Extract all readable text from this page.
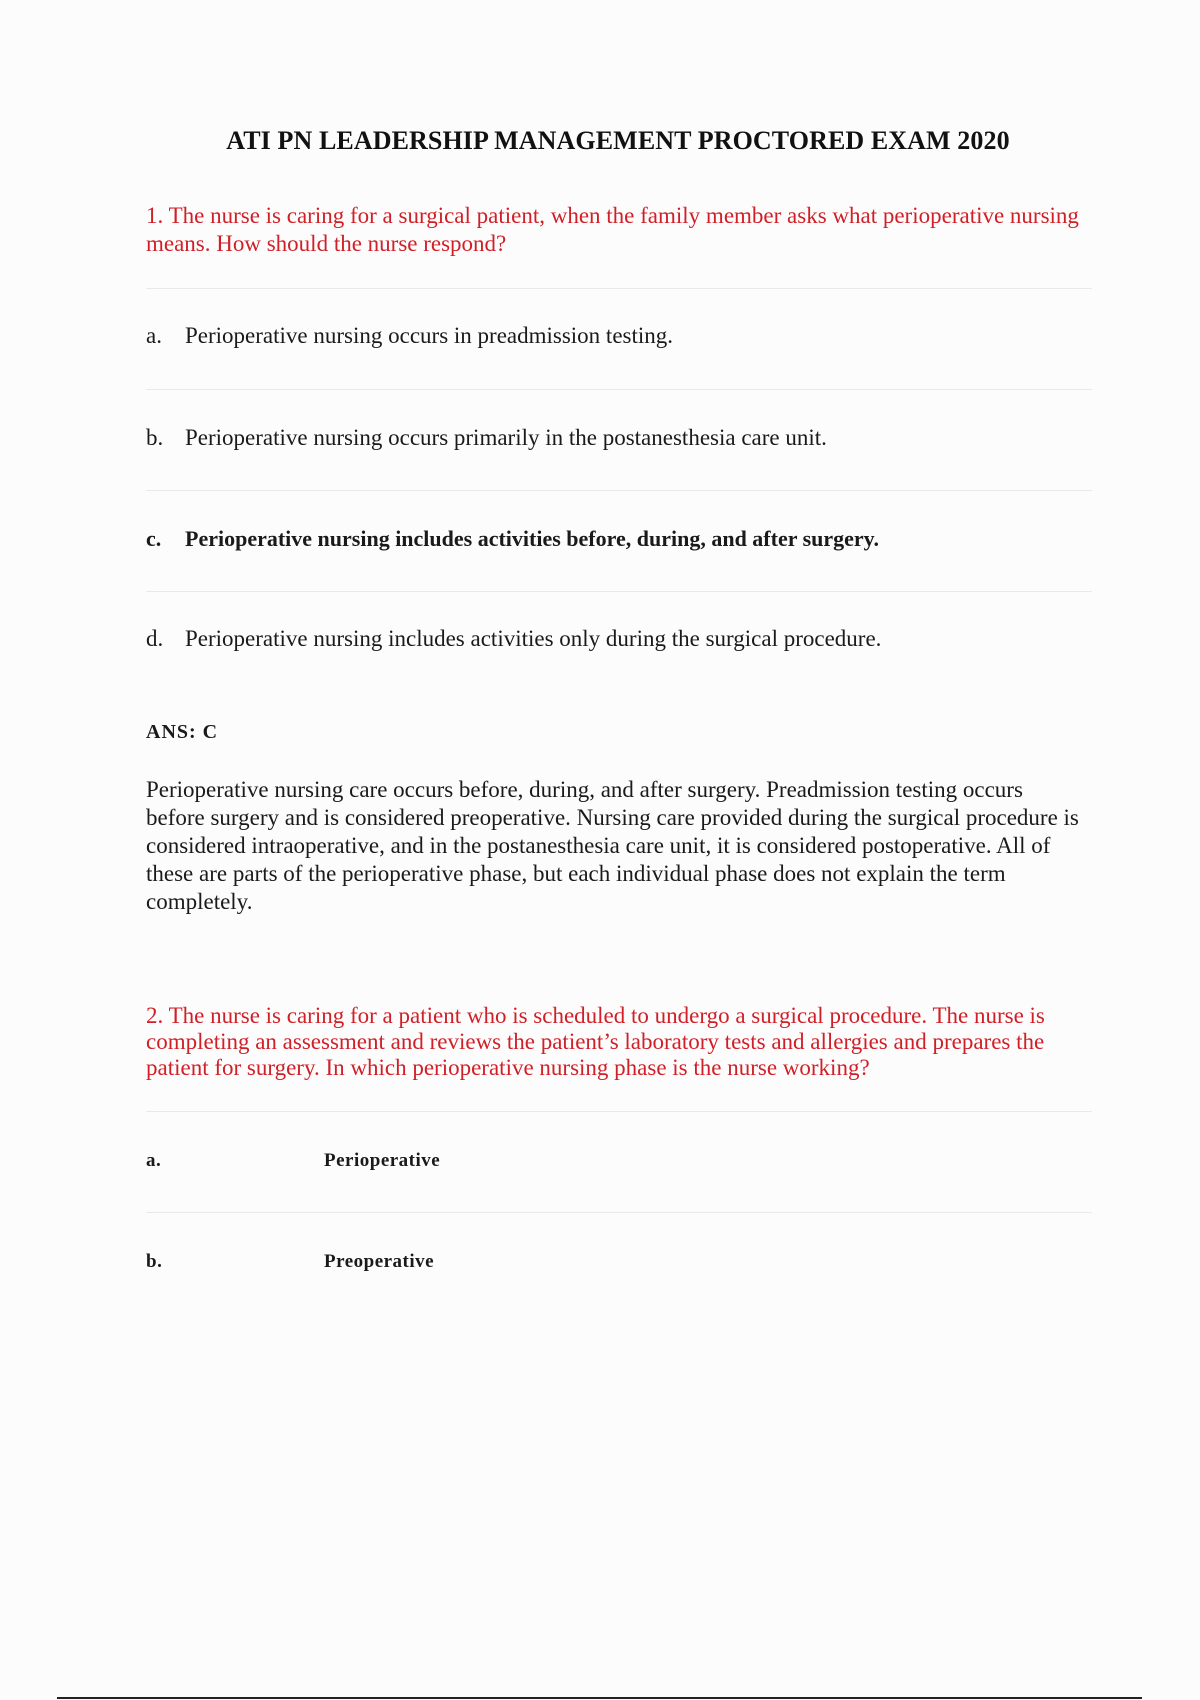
ATI PN LEADERSHIP MANAGEMENT PROCTORED EXAM 2020
1. The nurse is caring for a surgical patient, when the family member asks what perioperative nursing means. How should the nurse respond?
a. Perioperative nursing occurs in preadmission testing.
b. Perioperative nursing occurs primarily in the postanesthesia care unit.
c. Perioperative nursing includes activities before, during, and after surgery.
d. Perioperative nursing includes activities only during the surgical procedure.
ANS: C
Perioperative nursing care occurs before, during, and after surgery. Preadmission testing occurs before surgery and is considered preoperative. Nursing care provided during the surgical procedure is considered intraoperative, and in the postanesthesia care unit, it is considered postoperative. All of these are parts of the perioperative phase, but each individual phase does not explain the term completely.
2. The nurse is caring for a patient who is scheduled to undergo a surgical procedure. The nurse is completing an assessment and reviews the patient’s laboratory tests and allergies and prepares the patient for surgery. In which perioperative nursing phase is the nurse working?
a.	Perioperative
b.	Preoperative
